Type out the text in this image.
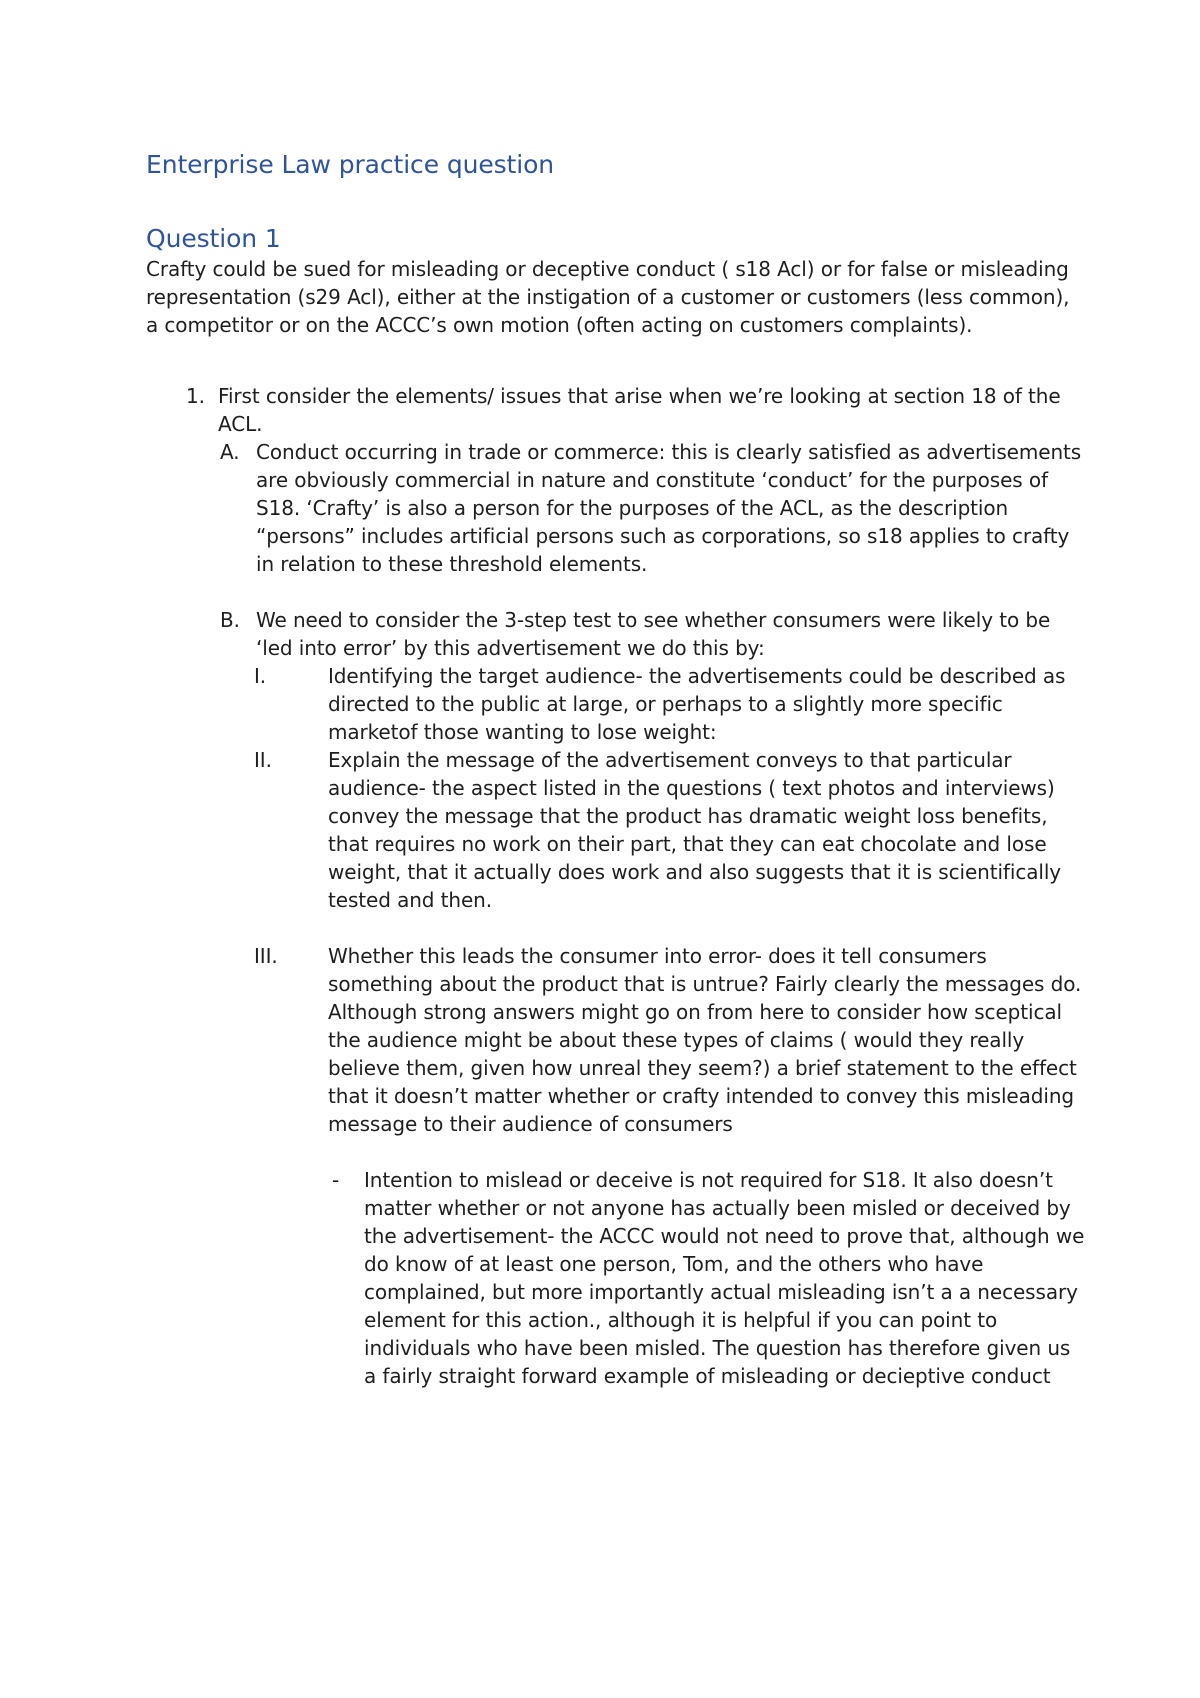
Enterprise Law practice question
Question 1

Crafty could be sued for misleading or deceptive conduct ( s18 Acl) or for false or misleading representation (s29 Acl), either at the instigation of a customer or customers (less common), a competitor or on the ACCC’s own motion (often acting on customers complaints).

1. First consider the elements/ issues that arise when we’re looking at section 18 of the ACL.

A. Conduct occurring in trade or commerce: this is clearly satisfied as advertisements are obviously commercial in nature and constitute ‘conduct’ for the purposes of S18. ‘Crafty’ is also a person for the purposes of the ACL, as the description “persons” includes artificial persons such as corporations, so s18 applies to crafty in relation to these threshold elements.

B. We need to consider the 3-step test to see whether consumers were likely to be ‘led into error’ by this advertisement we do this by:

I.	Identifying the target audience- the advertisements could be described as directed to the public at large, or perhaps to a slightly more specific marketof those wanting to lose weight:

II.	Explain the message of the advertisement conveys to that particular audience- the aspect listed in the questions ( text photos and interviews) convey the message that the product has dramatic weight loss benefits, that requires no work on their part, that they can eat chocolate and lose weight, that it actually does work and also suggests that it is scientifically tested and then.

III.	Whether this leads the consumer into error- does it tell consumers something about the product that is untrue? Fairly clearly the messages do. Although strong answers might go on from here to consider how sceptical the audience might be about these types of claims ( would they really believe them, given how unreal they seem?) a brief statement to the effect that it doesn’t matter whether or crafty intended to convey this misleading message to their audience of consumers

- Intention to mislead or deceive is not required for S18. It also doesn’t matter whether or not anyone has actually been misled or deceived by the advertisement- the ACCC would not need to prove that, although we do know of at least one person, Tom, and the others who have complained, but more importantly actual misleading isn’t a a necessary element for this action., although it is helpful if you can point to individuals who have been misled. The question has therefore given us a fairly straight forward example of misleading or decieptive conduct
